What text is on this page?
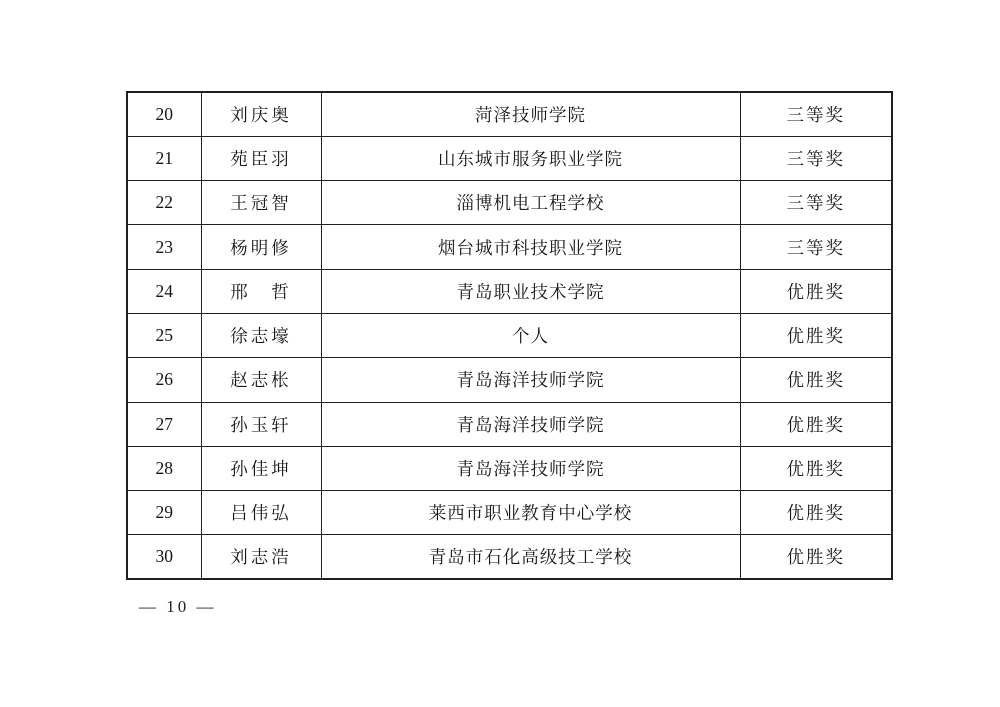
20	刘庆奥	菏泽技师学院	三等奖
21	苑臣羽	山东城市服务职业学院	三等奖
22	王冠智	淄博机电工程学校	三等奖
23	杨明修	烟台城市科技职业学院	三等奖
24	邢　哲	青岛职业技术学院	优胜奖
25	徐志壕	个人	优胜奖
26	赵志枨	青岛海洋技师学院	优胜奖
27	孙玉轩	青岛海洋技师学院	优胜奖
28	孙佳坤	青岛海洋技师学院	优胜奖
29	吕伟弘	莱西市职业教育中心学校	优胜奖
30	刘志浩	青岛市石化高级技工学校	优胜奖
— 10 —
